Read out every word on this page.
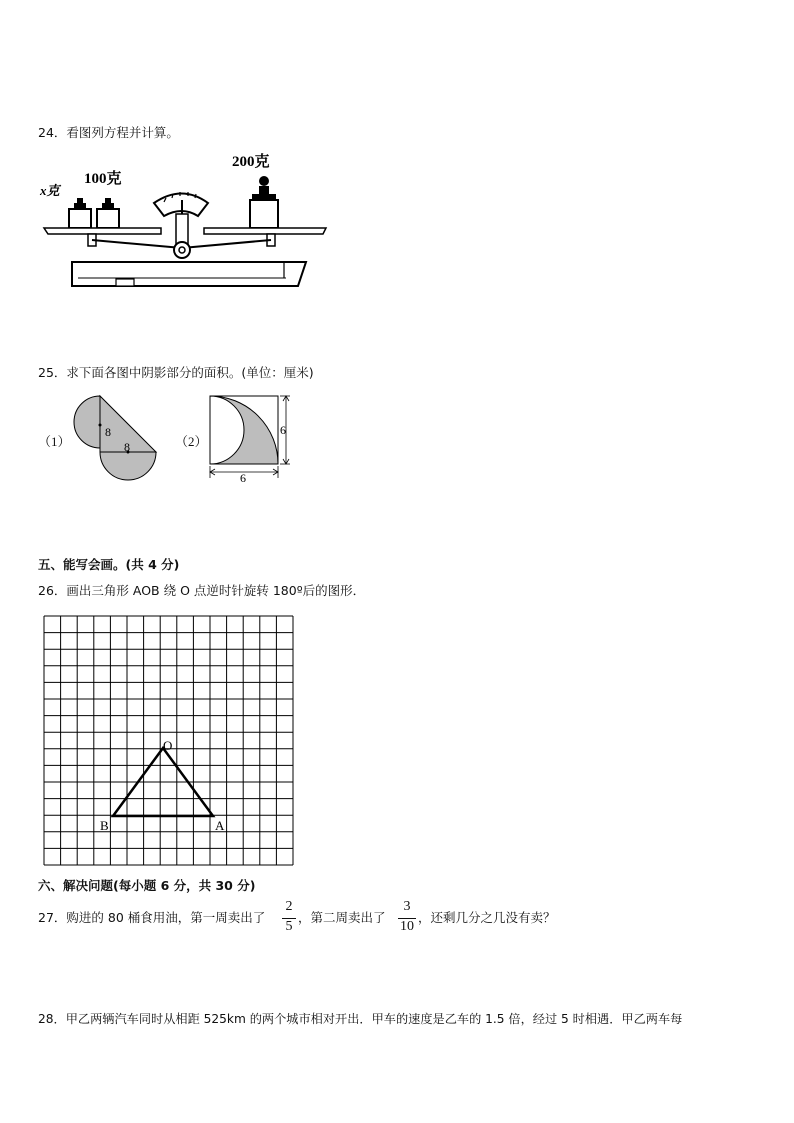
24．看图列方程并计算。
x克
100克
200克
25．求下面各图中阴影部分的面积。(单位：厘米)
（1）
8
8	（2）
6
6
五、能写会画。(共 4 分)
26．画出三角形 AOB 绕 O 点逆时针旋转 180º后的图形．
O
B	A
六、解决问题(每小题 6 分，共 30 分)
27．购进的 80 桶食用油，第一周卖出了
2
5
，第二周卖出了
3
10
，还剩几分之几没有卖？
28．甲乙两辆汽车同时从相距 525km 的两个城市相对开出．甲车的速度是乙车的 1.5 倍，经过 5 时相遇．甲乙两车每
